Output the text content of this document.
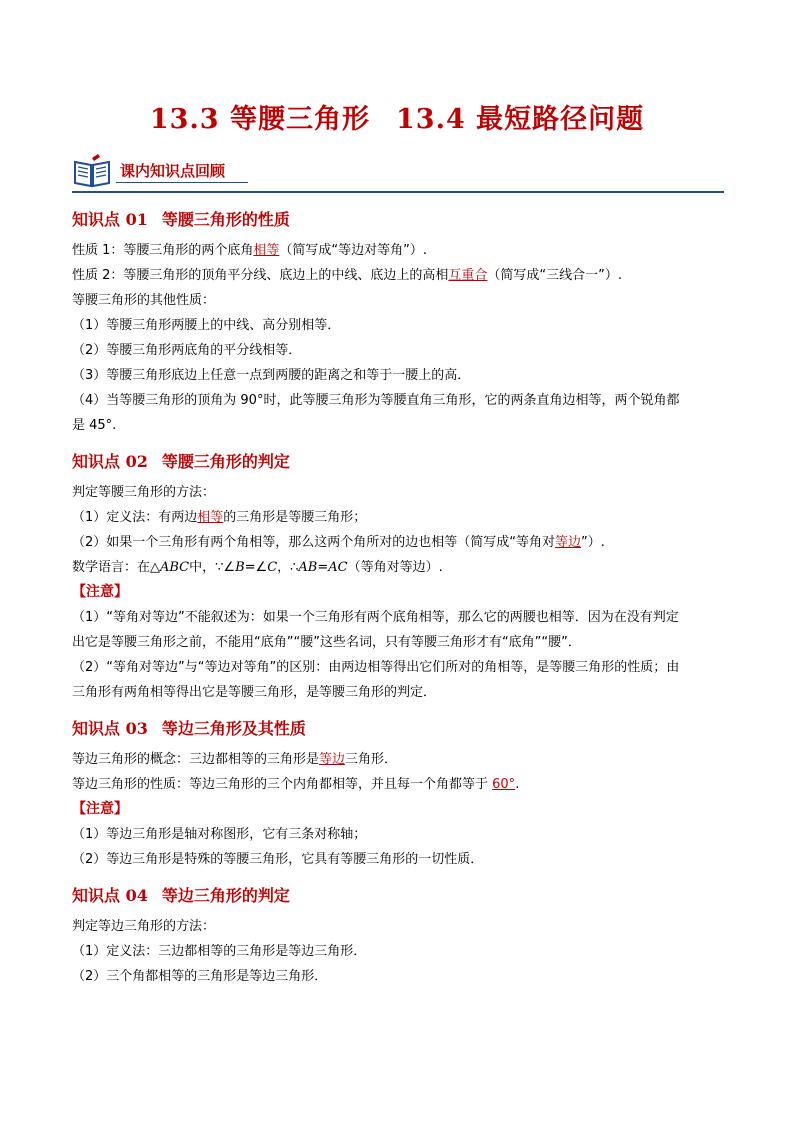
13.3 等腰三角形 13.4 最短路径问题
课内知识点回顾
知识点 01 等腰三角形的性质
性质 1：等腰三角形的两个底角相等（简写成“等边对等角”）.
性质 2：等腰三角形的顶角平分线、底边上的中线、底边上的高相互重合（简写成“三线合一”）.
等腰三角形的其他性质：
（1）等腰三角形两腰上的中线、高分别相等．
（2）等腰三角形两底角的平分线相等．
（3）等腰三角形底边上任意一点到两腰的距离之和等于一腰上的高．
（4）当等腰三角形的顶角为 90°时，此等腰三角形为等腰直角三角形，它的两条直角边相等，两个锐角都
是 45°.
知识点 02 等腰三角形的判定
判定等腰三角形的方法：
（1）定义法：有两边相等的三角形是等腰三角形；
（2）如果一个三角形有两个角相等，那么这两个角所对的边也相等（简写成“等角对等边”）.
数学语言：在△ABC中，∵∠B=∠C，∴AB=AC（等角对等边）.
【注意】
（1）“等角对等边”不能叙述为：如果一个三角形有两个底角相等，那么它的两腰也相等．因为在没有判定
出它是等腰三角形之前，不能用“底角”“腰”这些名词，只有等腰三角形才有“底角”“腰”．
（2）“等角对等边”与“等边对等角”的区别：由两边相等得出它们所对的角相等，是等腰三角形的性质；由
三角形有两角相等得出它是等腰三角形，是等腰三角形的判定．
知识点 03 等边三角形及其性质
等边三角形的概念：三边都相等的三角形是等边三角形．
等边三角形的性质：等边三角形的三个内角都相等，并且每一个角都等于 60°.
【注意】
（1）等边三角形是轴对称图形，它有三条对称轴；
（2）等边三角形是特殊的等腰三角形，它具有等腰三角形的一切性质．
知识点 04 等边三角形的判定
判定等边三角形的方法：
（1）定义法：三边都相等的三角形是等边三角形．
（2）三个角都相等的三角形是等边三角形．
